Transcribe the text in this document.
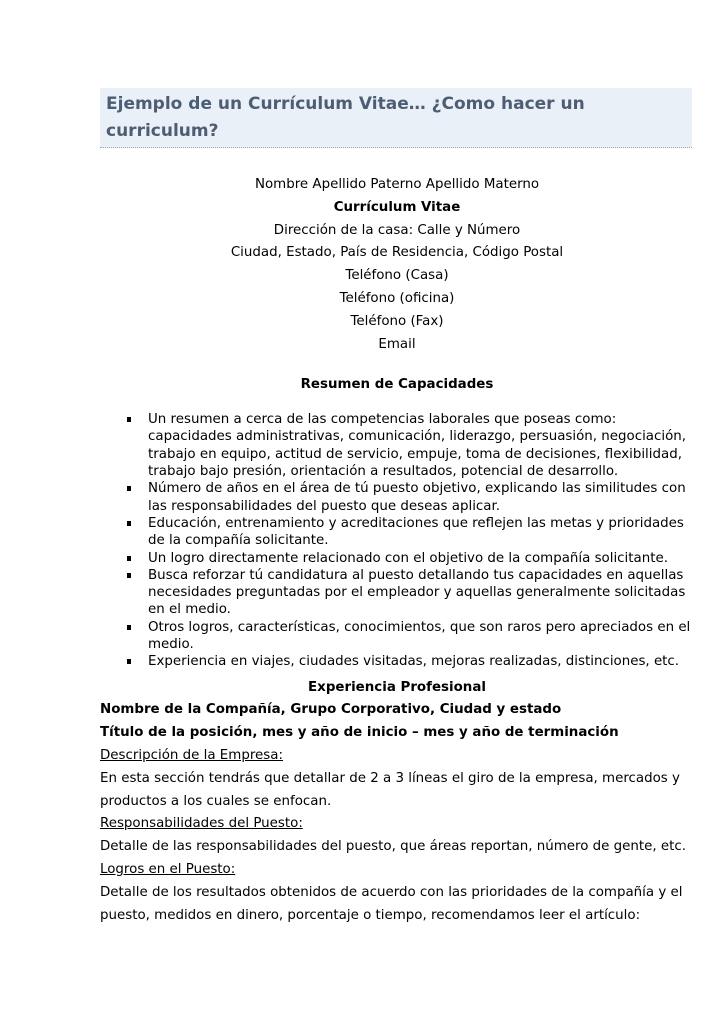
Ejemplo de un Currículum Vitae… ¿Como hacer un curriculum?
Nombre Apellido Paterno Apellido Materno
Currículum Vitae
Dirección de la casa: Calle y Número
Ciudad, Estado, País de Residencia, Código Postal
Teléfono (Casa)
Teléfono (oficina)
Teléfono (Fax)
Email
Resumen de Capacidades
Un resumen a cerca de las competencias laborales que poseas como: capacidades administrativas, comunicación, liderazgo, persuasión, negociación, trabajo en equipo, actitud de servicio, empuje, toma de decisiones, flexibilidad, trabajo bajo presión, orientación a resultados, potencial de desarrollo.
Número de años en el área de tú puesto objetivo, explicando las similitudes con las responsabilidades del puesto que deseas aplicar.
Educación, entrenamiento y acreditaciones que reflejen las metas y prioridades de la compañía solicitante.
Un logro directamente relacionado con el objetivo de la compañía solicitante.
Busca reforzar tú candidatura al puesto detallando tus capacidades en aquellas necesidades preguntadas por el empleador y aquellas generalmente solicitadas en el medio.
Otros logros, características, conocimientos, que son raros pero apreciados en el medio.
Experiencia en viajes, ciudades visitadas, mejoras realizadas, distinciones, etc.
Experiencia Profesional
Nombre de la Compañía, Grupo Corporativo, Ciudad y estado
Título de la posición, mes y año de inicio – mes y año de terminación
Descripción de la Empresa:
En esta sección tendrás que detallar de 2 a 3 líneas el giro de la empresa, mercados y productos a los cuales se enfocan.
Responsabilidades del Puesto:
Detalle de las responsabilidades del puesto, que áreas reportan, número de gente, etc.
Logros en el Puesto:
Detalle de los resultados obtenidos de acuerdo con las prioridades de la compañía y el puesto, medidos en dinero, porcentaje o tiempo, recomendamos leer el artículo:
